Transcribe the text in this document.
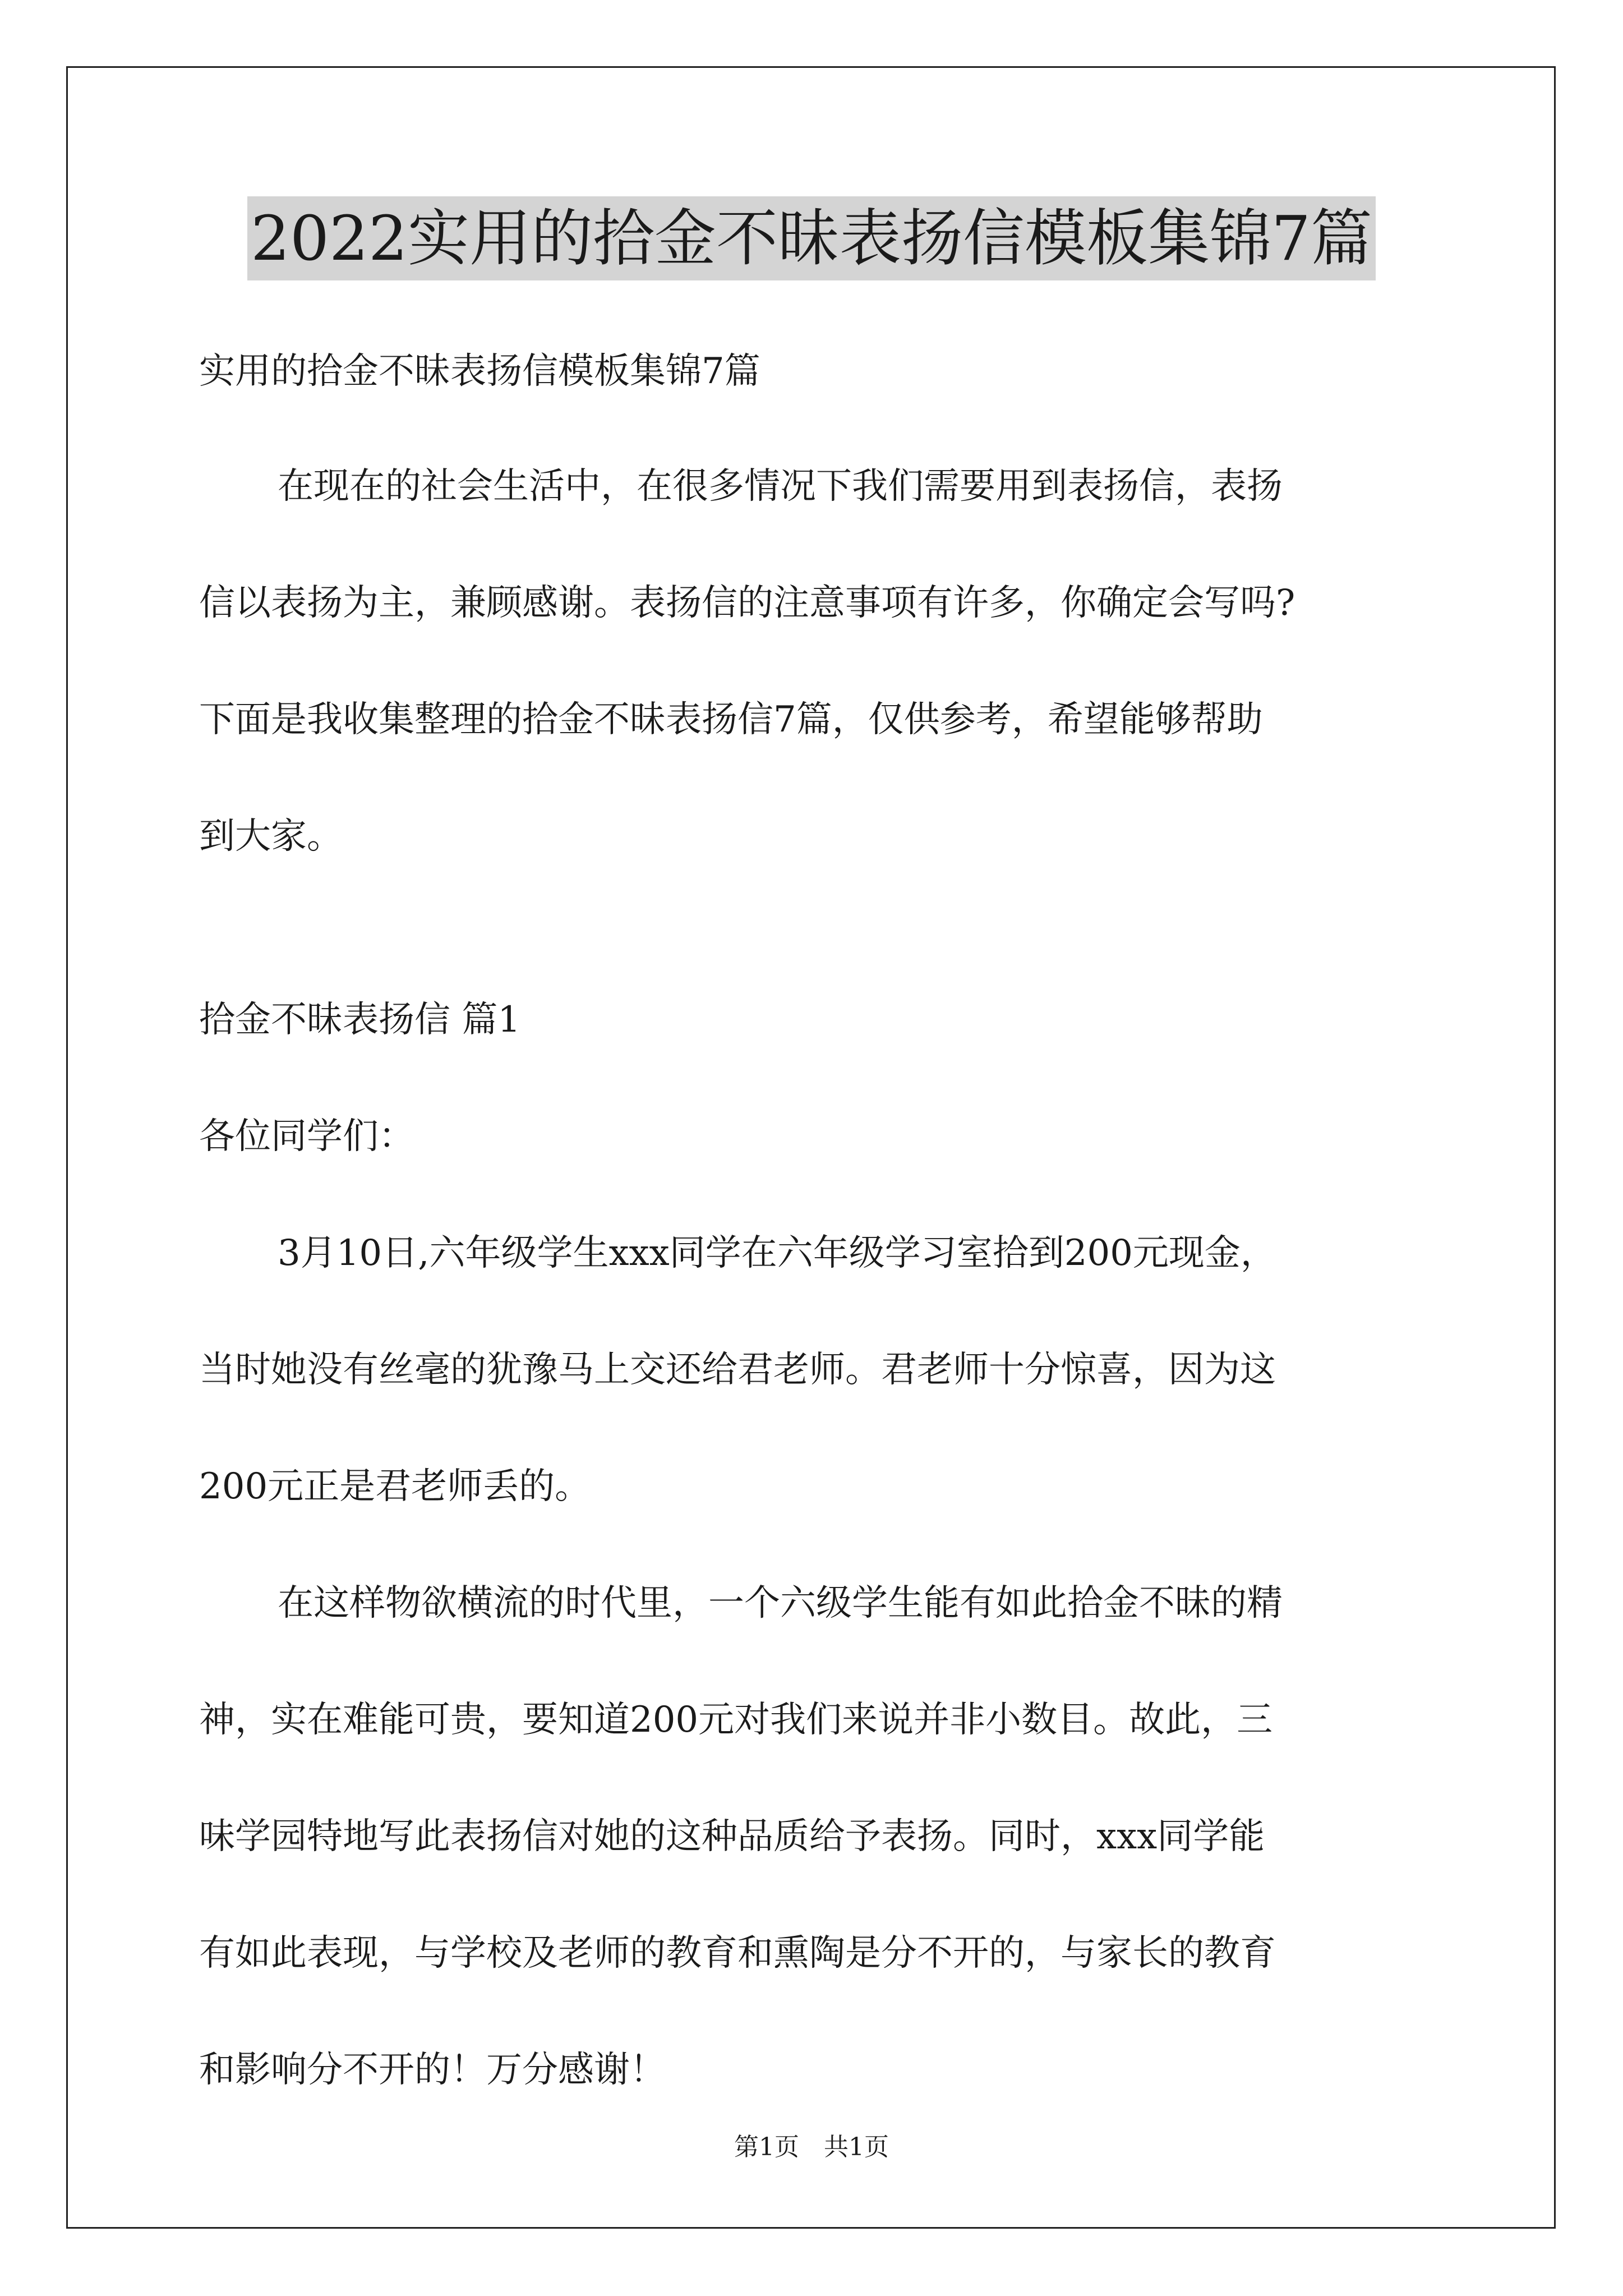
2022实用的拾金不昧表扬信模板集锦7篇
实用的拾金不昧表扬信模板集锦7篇
在现在的社会生活中，在很多情况下我们需要用到表扬信，表扬
信以表扬为主，兼顾感谢。表扬信的注意事项有许多，你确定会写吗?
下面是我收集整理的拾金不昧表扬信7篇，仅供参考，希望能够帮助
到大家。
拾金不昧表扬信 篇1
各位同学们：
3月10日,六年级学生xxx同学在六年级学习室拾到200元现金，
当时她没有丝毫的犹豫马上交还给君老师。君老师十分惊喜，因为这
200元正是君老师丢的。
在这样物欲横流的时代里，一个六级学生能有如此拾金不昧的精
神，实在难能可贵，要知道200元对我们来说并非小数目。故此，三
味学园特地写此表扬信对她的这种品质给予表扬。同时，xxx同学能
有如此表现，与学校及老师的教育和熏陶是分不开的，与家长的教育
和影响分不开的！万分感谢！
第1页　共1页
